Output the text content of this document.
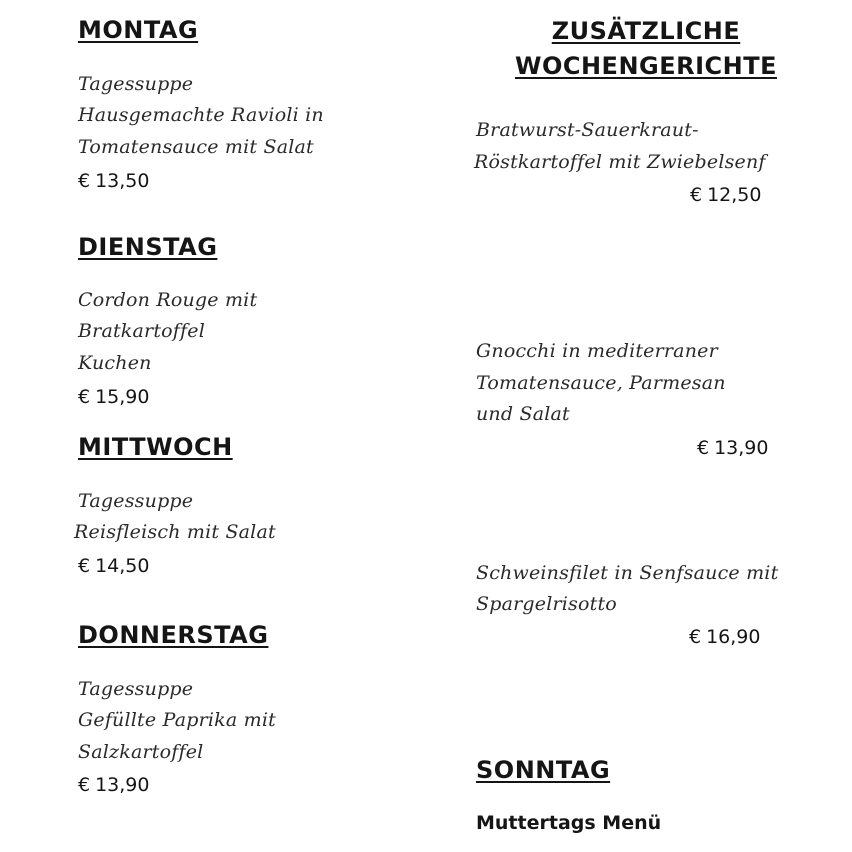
MONTAG

Tagessuppe

Hausgemachte Ravioli in

Tomatensauce mit Salat

€ 13,50

DIENSTAG

Cordon Rouge mit

Bratkartoffel

Kuchen

€ 15,90

MITTWOCH

Tagessuppe

Reisfleisch mit Salat

€ 14,50

DONNERSTAG

Tagessuppe

Gefüllte Paprika mit

Salzkartoffel

€ 13,90

ZUSÄTZLICHE
WOCHENGERICHTE

Bratwurst-Sauerkraut-

Röstkartoffel mit Zwiebelsenf

€ 12,50

Gnocchi in mediterraner

Tomatensauce, Parmesan

und Salat

€ 13,90

Schweinsfilet in Senfsauce mit

Spargelrisotto

€ 16,90

SONNTAG

Muttertags Menü
